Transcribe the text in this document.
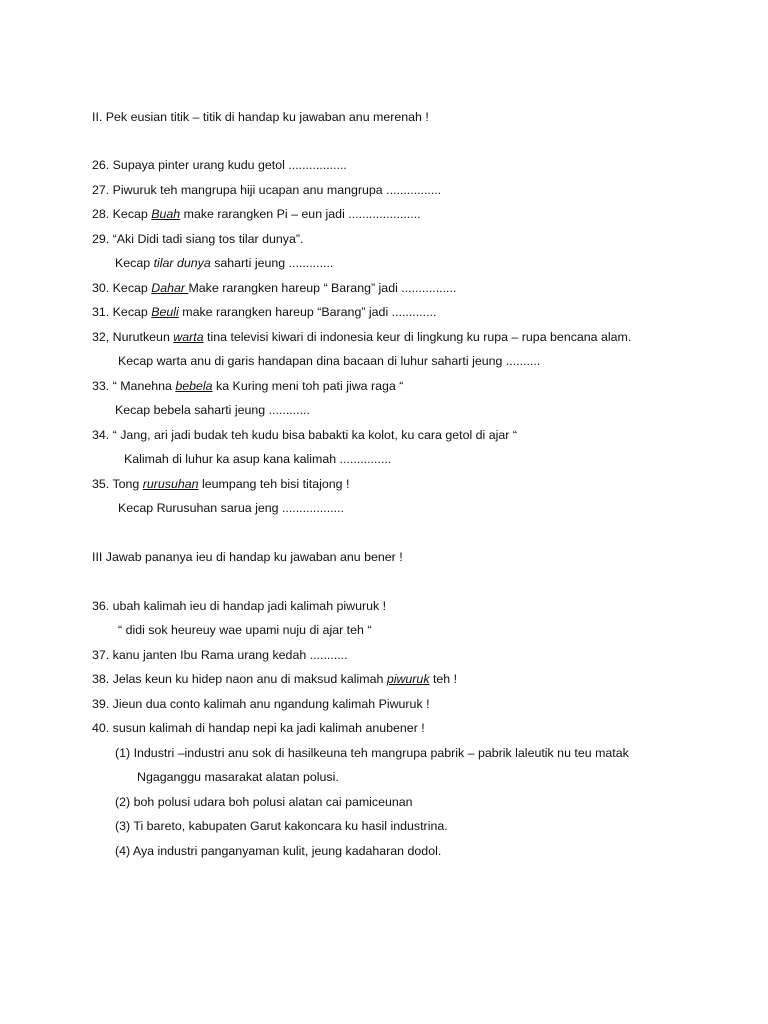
II. Pek eusian titik – titik di handap ku jawaban anu merenah !
26. Supaya pinter urang kudu getol .................
27. Piwuruk teh mangrupa hiji ucapan anu mangrupa ................
28. Kecap Buah make rarangken Pi – eun jadi .....................
29. “Aki Didi tadi siang tos tilar dunya”.
Kecap tilar dunya saharti jeung .............
30. Kecap Dahar Make rarangken hareup “ Barang” jadi ................
31. Kecap Beuli make rarangken hareup “Barang” jadi .............
32, Nurutkeun warta tina televisi kiwari di indonesia keur di lingkung ku rupa – rupa bencana alam.
Kecap warta anu di garis handapan dina bacaan di luhur saharti jeung ..........
33. “ Manehna bebela ka Kuring meni toh pati jiwa raga “
Kecap bebela saharti jeung ............
34. “ Jang, ari jadi budak teh kudu bisa babakti ka kolot, ku cara getol di ajar “
Kalimah di luhur ka asup kana kalimah ...............
35. Tong rurusuhan leumpang teh bisi titajong !
Kecap Rurusuhan sarua jeng ..................
III Jawab pananya ieu di handap ku jawaban anu bener !
36. ubah kalimah ieu di handap jadi kalimah piwuruk !
“ didi sok heureuy wae upami nuju di ajar teh “
37. kanu janten Ibu Rama urang kedah ...........
38. Jelas keun ku hidep naon anu di maksud kalimah piwuruk teh !
39. Jieun dua conto kalimah anu ngandung kalimah Piwuruk !
40. susun kalimah di handap nepi ka jadi kalimah anubener !
(1) Industri –industri anu sok di hasilkeuna teh mangrupa pabrik – pabrik laleutik nu teu matak
Ngaganggu masarakat alatan polusi.
(2) boh polusi udara boh polusi alatan cai pamiceunan
(3) Ti bareto, kabupaten Garut kakoncara ku hasil industrina.
(4) Aya industri panganyaman kulit, jeung kadaharan dodol.
